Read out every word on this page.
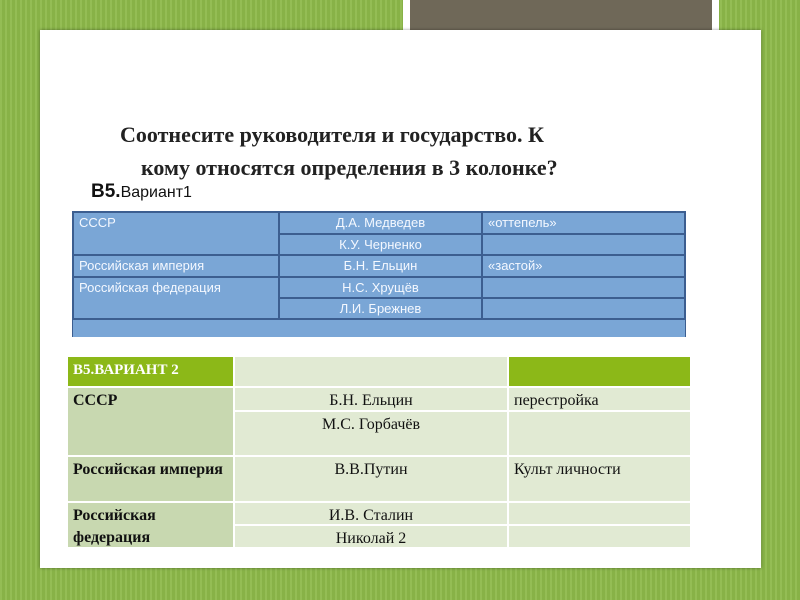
Соотнесите руководителя и государство. К
кому относятся определения в 3 колонке?
В5.Вариант1
СССР
Российская империя
Российская федерация
Д.А. Медведев
К.У. Черненко
Б.Н. Ельцин
Н.С. Хрущёв
Л.И. Брежнев
«оттепель»
«застой»
В5.ВАРИАНТ 2
СССР
Российская империя
Российская федерация
Б.Н. Ельцин
М.С. Горбачёв
В.В.Путин
И.В. Сталин
Николай 2
перестройка
Культ личности
